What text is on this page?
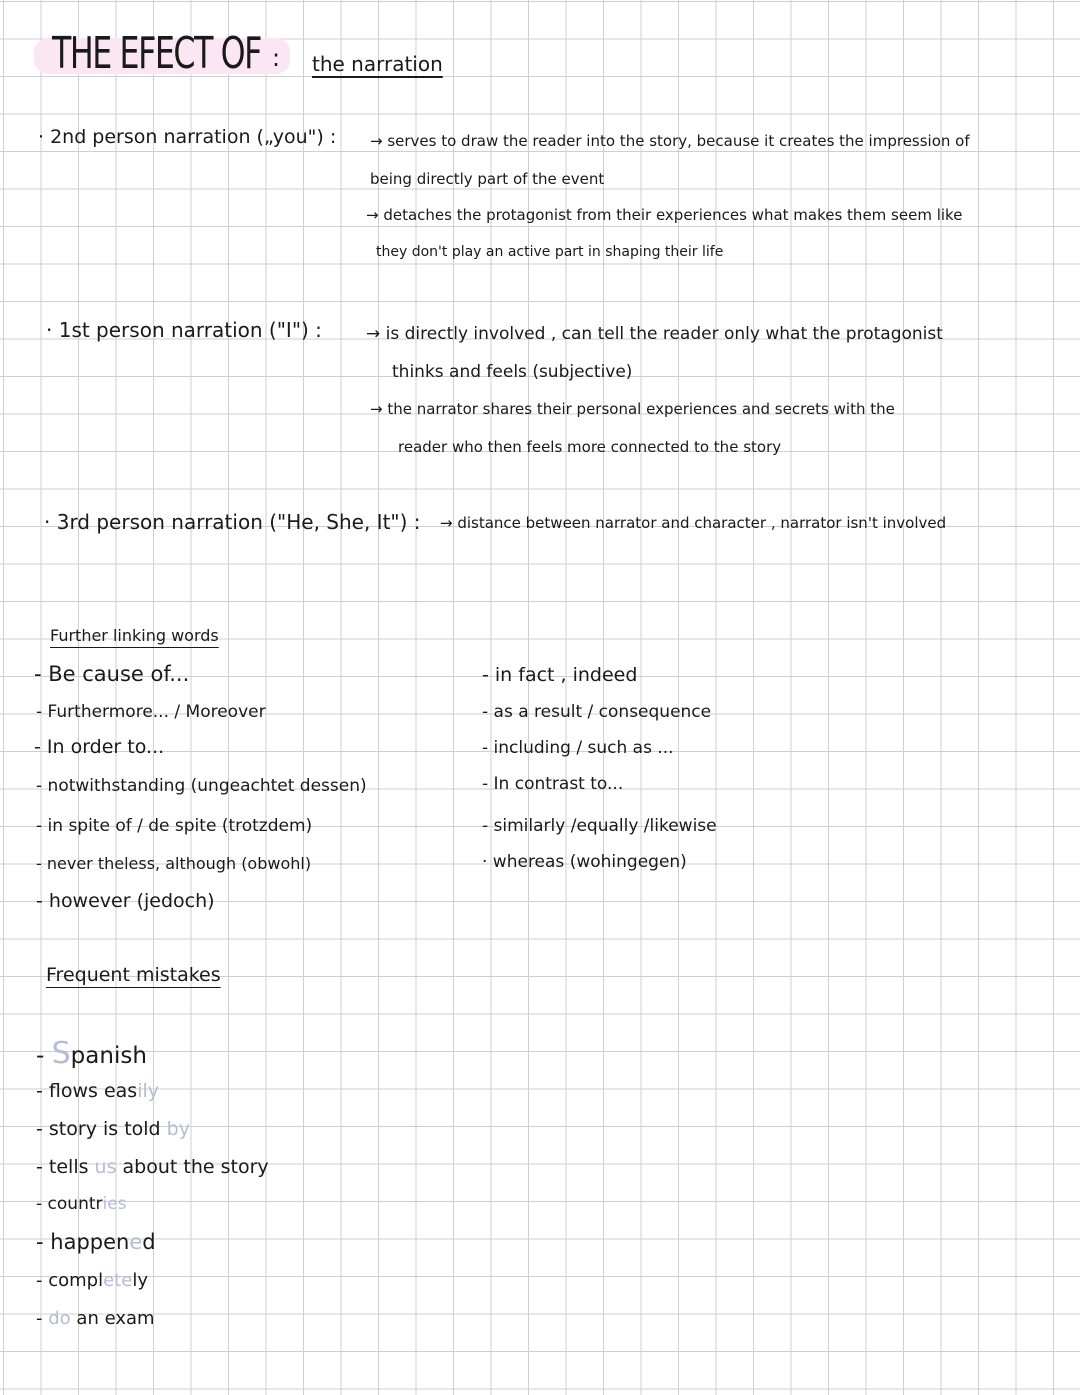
THE EFECT OF : the narration
· 2nd person narration („you") : → serves to draw the reader into the story, because it creates the impression of
being directly part of the event
→ detaches the protagonist from their experiences what makes them seem like
they don't play an active part in shaping their life
· 1st person narration ("I") :	→ is directly involved , can tell the reader only what the protagonist
thinks and feels (subjective)
→ the narrator shares their personal experiences and secrets with the
reader who then feels more connected to the story
· 3rd person narration ("He, She, It") : → distance between narrator and character , narrator isn't involved
Further linking words
- Be cause of...
- Furthermore... / Moreover
- In order to...
- notwithstanding (ungeachtet dessen)
- in spite of / de spite (trotzdem)
- never theless, although (obwohl)
- however (jedoch)
- in fact , indeed
- as a result / consequence
- including / such as ...
- In contrast to...
- similarly /equally /likewise
· whereas (wohingegen)
Frequent mistakes
- Spanish
- flows easily
- story is told by
- tells us about the story
- countries
- happened
- completely
- do an exam
